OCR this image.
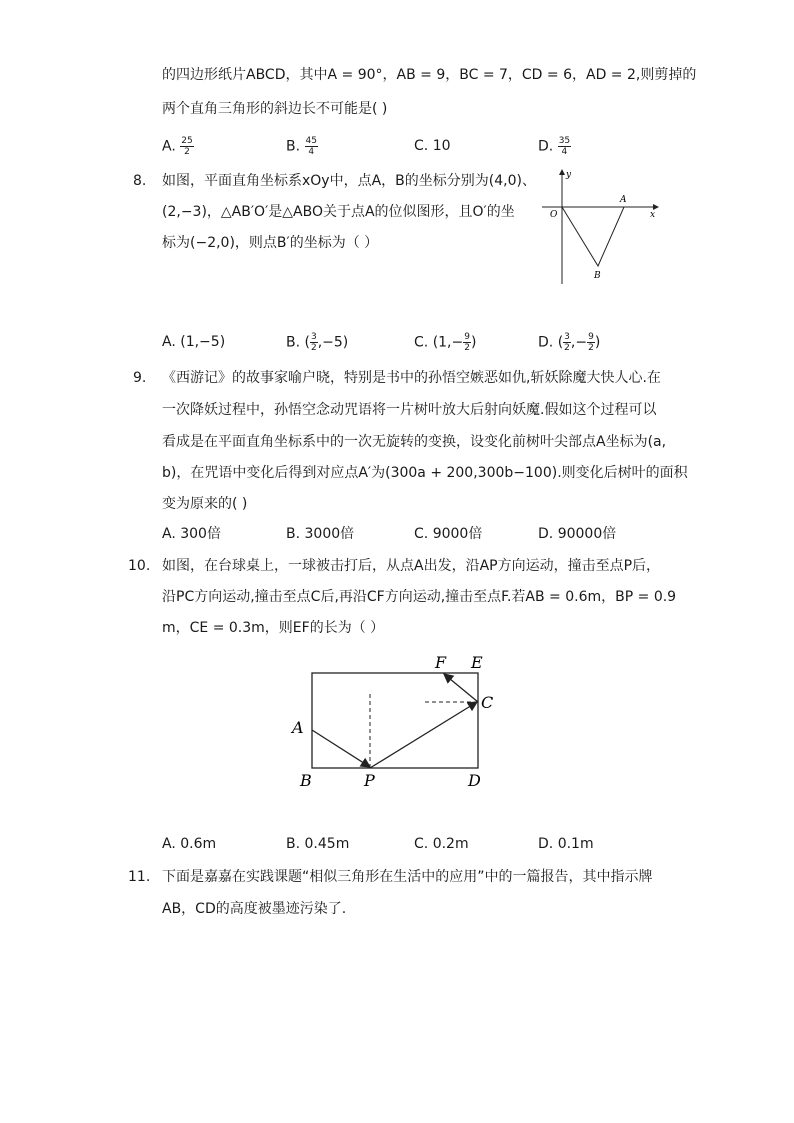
的四边形纸片ABCD，其中A = 90°，AB = 9，BC = 7，CD = 6，AD = 2,则剪掉的
两个直角三角形的斜边长不可能是( )
A. $\frac{25}{2}$	B. $\frac{45}{4}$	C. 10	D. $\frac{35}{4}$
8. 如图，平面直角坐标系xOy中，点A，B的坐标分别为(4,0)、
(2,−3)，△AB′O′是△ABO关于点A的位似图形，且O′的坐
标为(−2,0)，则点B′的坐标为（ ）
y
x
O
A
B
A. (1,−5)	B. ( $\frac{3}{2} ,-5$)	C. ($1,- \frac{9}{2}$ )	D. ( $\frac{3}{2}$ ,− $\frac{9}{2}$ )
9. 《西游记》的故事家喻户晓，特别是书中的孙悟空嫉恶如仇,斩妖除魔大快人心.在
一次降妖过程中，孙悟空念动咒语将一片树叶放大后射向妖魔.假如这个过程可以
看成是在平面直角坐标系中的一次无旋转的变换，设变化前树叶尖部点A坐标为(a,
b)，在咒语中变化后得到对应点A′为(300a + 200,300b−100).则变化后树叶的面积
变为原来的( )
A. 300倍	B. 3000倍	C. 9000倍	D. 90000倍
10. 如图，在台球桌上，一球被击打后，从点A出发，沿AP方向运动，撞击至点P后，
沿PC方向运动,撞击至点C后,再沿CF方向运动,撞击至点F.若AB = 0.6m，BP = 0.9
m，CE = 0.3m，则EF的长为（ ）
F E
C
A
B	P	D
A. 0.6m	B. 0.45m	C. 0.2m	D. 0.1m
11. 下面是嘉嘉在实践课题“相似三角形在生活中的应用”中的一篇报告，其中指示牌
AB，CD的高度被墨迹污染了.
